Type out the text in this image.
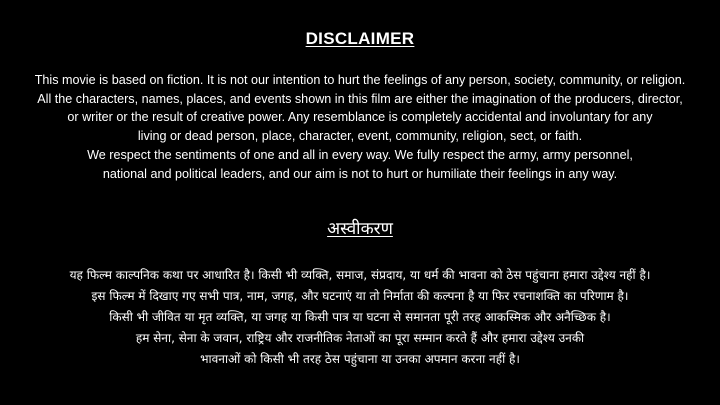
DISCLAIMER
This movie is based on fiction. It is not our intention to hurt the feelings of any person, society, community, or religion.
All the characters, names, places, and events shown in this film are either the imagination of the producers, director,
or writer or the result of creative power. Any resemblance is completely accidental and involuntary for any
living or dead person, place, character, event, community, religion, sect, or faith.
We respect the sentiments of one and all in every way. We fully respect the army, army personnel,
national and political leaders, and our aim is not to hurt or humiliate their feelings in any way.
अस्वीकरण
यह फिल्म काल्पनिक कथा पर आधारित है। किसी भी व्यक्ति, समाज, संप्रदाय, या धर्म की भावना को ठेस पहुंचाना हमारा उद्देश्य नहीं है।
इस फिल्म में दिखाए गए सभी पात्र, नाम, जगह, और घटनाएं या तो निर्माता की कल्पना है या फिर रचनाशक्ति का परिणाम है।
किसी भी जीवित या मृत व्यक्ति, या जगह या किसी पात्र या घटना से समानता पूरी तरह आकस्मिक और अनैच्छिक है।
हम सेना, सेना के जवान, राष्ट्रिय और राजनीतिक नेताओं का पूरा सम्मान करते हैं और हमारा उद्देश्य उनकी
भावनाओं को किसी भी तरह ठेस पहुंचाना या उनका अपमान करना नहीं है।
